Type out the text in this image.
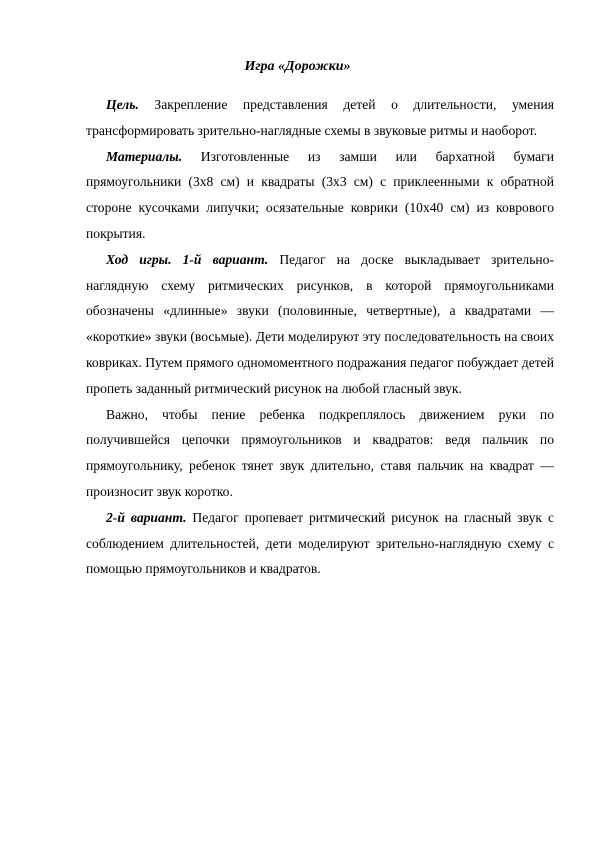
Игра «Дорожки»

Цель. Закрепление представления детей о длительности, умения трансформировать зрительно-наглядные схемы в звуковые ритмы и наоборот.

Материалы. Изготовленные из замши или бархатной бумаги прямоугольники (3х8 см) и квадраты (3х3 см) с приклеенными к обратной стороне кусочками липучки; осязательные коврики (10х40 см) из коврового покрытия.

Ход игры. 1-й вариант. Педагог на доске выкладывает зрительно-наглядную схему ритмических рисунков, в которой прямоугольниками обозначены «длинные» звуки (половинные, четвертные), а квадратами — «короткие» звуки (восьмые). Дети моделируют эту последовательность на своих ковриках. Путем прямого одномоментного подражания педагог побуждает детей пропеть заданный ритмический рисунок на любой гласный звук.

Важно, чтобы пение ребенка подкреплялось движением руки по получившейся цепочки прямоугольников и квадратов: ведя пальчик по прямоугольнику, ребенок тянет звук длительно, ставя пальчик на квадрат — произносит звук коротко.

2-й вариант. Педагог пропевает ритмический рисунок на гласный звук с соблюдением длительностей, дети моделируют зрительно-наглядную схему с помощью прямоугольников и квадратов.
